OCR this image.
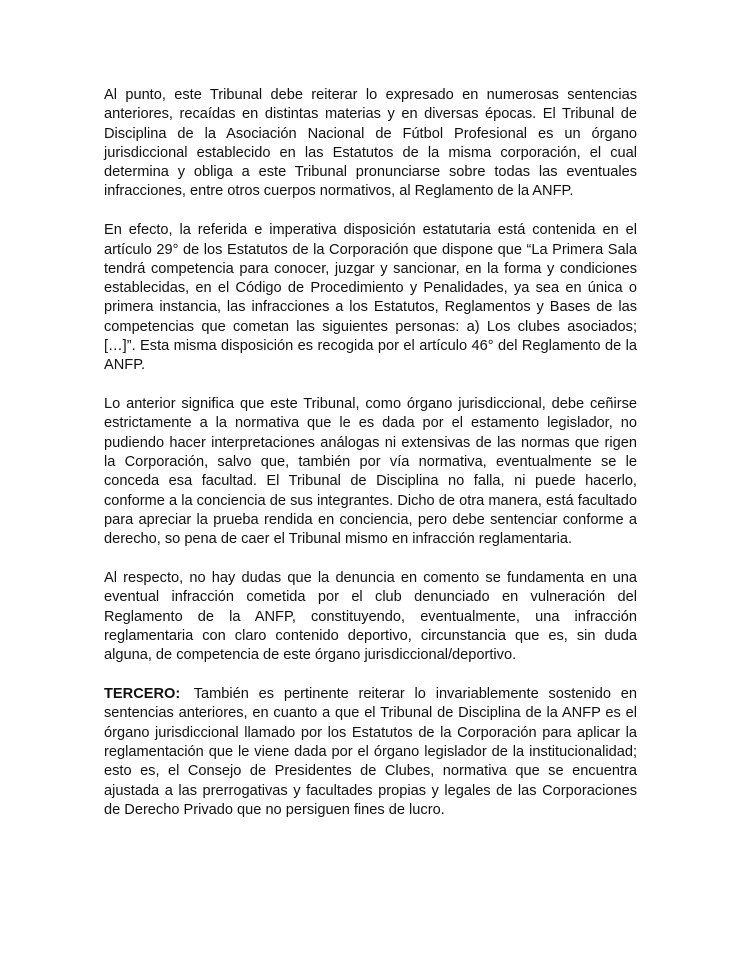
Al punto, este Tribunal debe reiterar lo expresado en numerosas sentencias anteriores, recaídas en distintas materias y en diversas épocas. El Tribunal de Disciplina de la Asociación Nacional de Fútbol Profesional es un órgano jurisdiccional establecido en las Estatutos de la misma corporación, el cual determina y obliga a este Tribunal pronunciarse sobre todas las eventuales infracciones, entre otros cuerpos normativos, al Reglamento de la ANFP.

En efecto, la referida e imperativa disposición estatutaria está contenida en el artículo 29° de los Estatutos de la Corporación que dispone que “La Primera Sala tendrá competencia para conocer, juzgar y sancionar, en la forma y condiciones establecidas, en el Código de Procedimiento y Penalidades, ya sea en única o primera instancia, las infracciones a los Estatutos, Reglamentos y Bases de las competencias que cometan las siguientes personas: a) Los clubes asociados;[…]”. Esta misma disposición es recogida por el artículo 46° del Reglamento de la ANFP.

Lo anterior significa que este Tribunal, como órgano jurisdiccional, debe ceñirse estrictamente a la normativa que le es dada por el estamento legislador, no pudiendo hacer interpretaciones análogas ni extensivas de las normas que rigen la Corporación, salvo que, también por vía normativa, eventualmente se le conceda esa facultad. El Tribunal de Disciplina no falla, ni puede hacerlo, conforme a la conciencia de sus integrantes. Dicho de otra manera, está facultado para apreciar la prueba rendida en conciencia, pero debe sentenciar conforme a derecho, so pena de caer el Tribunal mismo en infracción reglamentaria.

Al respecto, no hay dudas que la denuncia en comento se fundamenta en una eventual infracción cometida por el club denunciado en vulneración del Reglamento de la ANFP, constituyendo, eventualmente, una infracción reglamentaria con claro contenido deportivo, circunstancia que es, sin duda alguna, de competencia de este órgano jurisdiccional/deportivo.

TERCERO: También es pertinente reiterar lo invariablemente sostenido en sentencias anteriores, en cuanto a que el Tribunal de Disciplina de la ANFP es el órgano jurisdiccional llamado por los Estatutos de la Corporación para aplicar la reglamentación que le viene dada por el órgano legislador de la institucionalidad; esto es, el Consejo de Presidentes de Clubes, normativa que se encuentra ajustada a las prerrogativas y facultades propias y legales de las Corporaciones de Derecho Privado que no persiguen fines de lucro.
